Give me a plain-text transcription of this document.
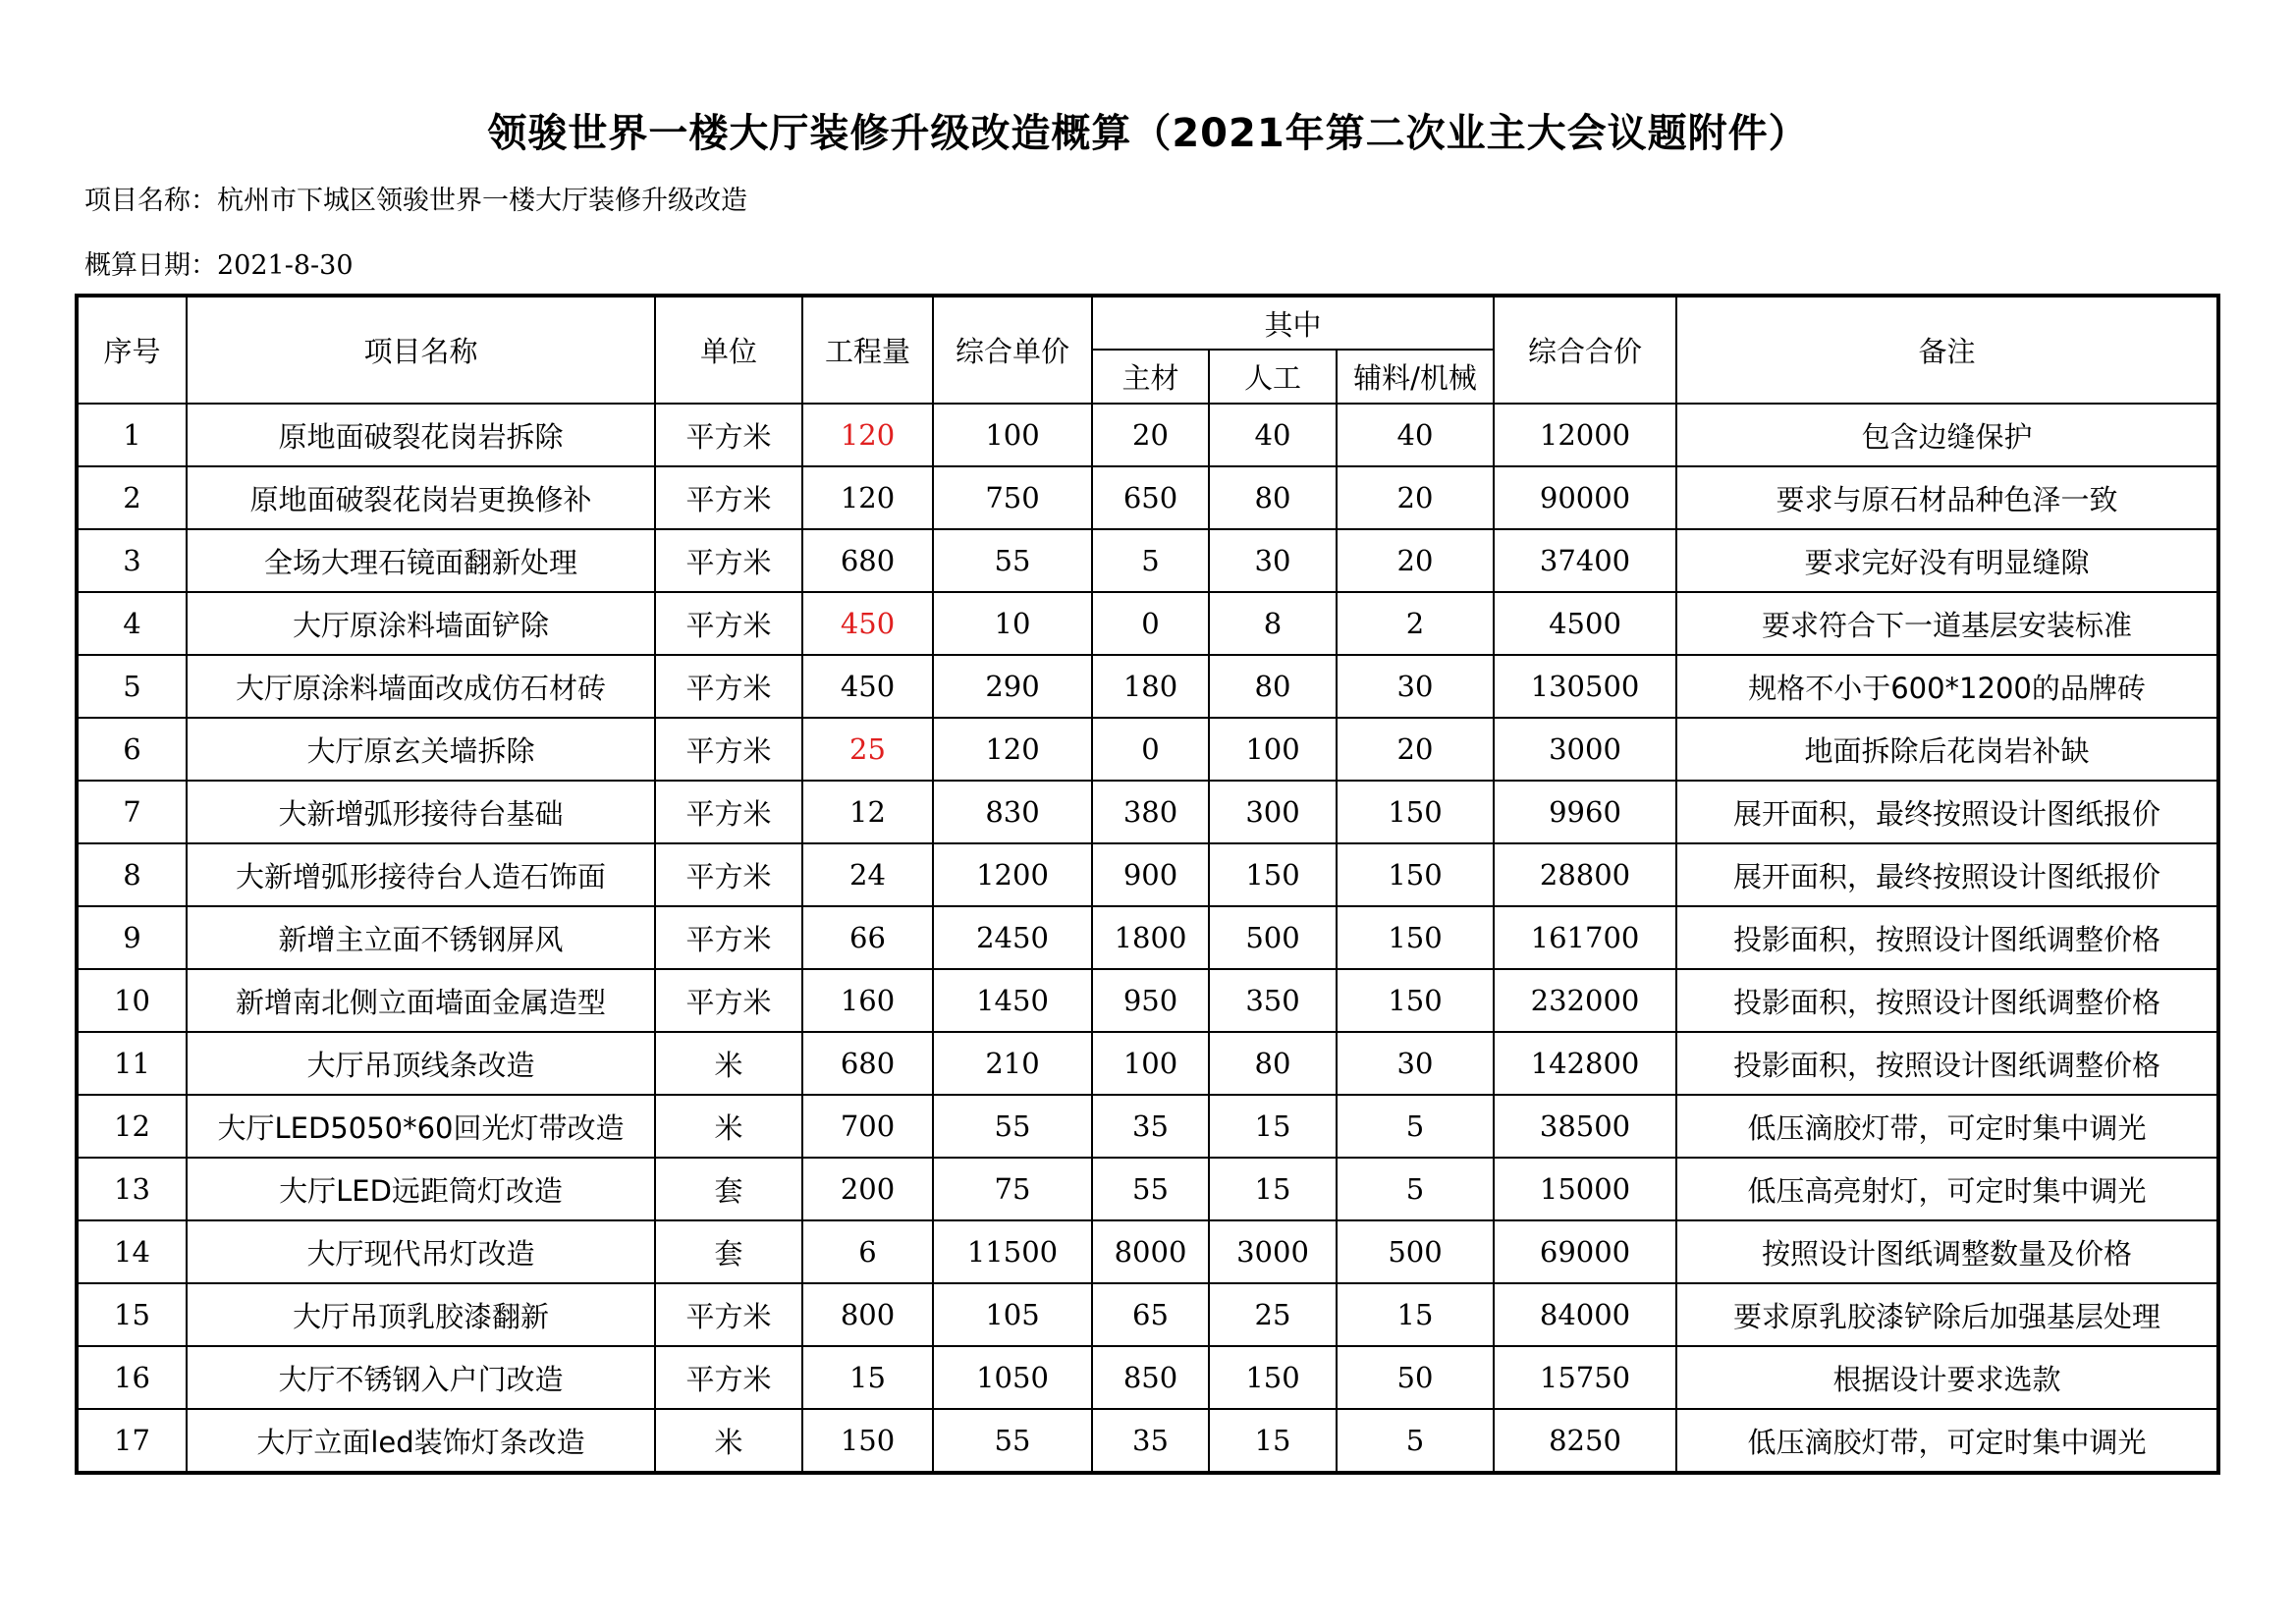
领骏世界一楼大厅装修升级改造概算（2021年第二次业主大会议题附件）
项目名称：杭州市下城区领骏世界一楼大厅装修升级改造
概算日期：2021-8-30
序号	项目名称	单位	工程量	综合单价	其中			综合合价	备注
					主材	人工	辅料/机械		
1	原地面破裂花岗岩拆除	平方米	120	100	20	40	40	12000	包含边缝保护
2	原地面破裂花岗岩更换修补	平方米	120	750	650	80	20	90000	要求与原石材品种色泽一致
3	全场大理石镜面翻新处理	平方米	680	55	5	30	20	37400	要求完好没有明显缝隙
4	大厅原涂料墙面铲除	平方米	450	10	0	8	2	4500	要求符合下一道基层安装标准
5	大厅原涂料墙面改成仿石材砖	平方米	450	290	180	80	30	130500	规格不小于600*1200的品牌砖
6	大厅原玄关墙拆除	平方米	25	120	0	100	20	3000	地面拆除后花岗岩补缺
7	大新增弧形接待台基础	平方米	12	830	380	300	150	9960	展开面积，最终按照设计图纸报价
8	大新增弧形接待台人造石饰面	平方米	24	1200	900	150	150	28800	展开面积，最终按照设计图纸报价
9	新增主立面不锈钢屏风	平方米	66	2450	1800	500	150	161700	投影面积，按照设计图纸调整价格
10	新增南北侧立面墙面金属造型	平方米	160	1450	950	350	150	232000	投影面积，按照设计图纸调整价格
11	大厅吊顶线条改造	米	680	210	100	80	30	142800	投影面积，按照设计图纸调整价格
12	大厅LED5050*60回光灯带改造	米	700	55	35	15	5	38500	低压滴胶灯带，可定时集中调光
13	大厅LED远距筒灯改造	套	200	75	55	15	5	15000	低压高亮射灯，可定时集中调光
14	大厅现代吊灯改造	套	6	11500	8000	3000	500	69000	按照设计图纸调整数量及价格
15	大厅吊顶乳胶漆翻新	平方米	800	105	65	25	15	84000	要求原乳胶漆铲除后加强基层处理
16	大厅不锈钢入户门改造	平方米	15	1050	850	150	50	15750	根据设计要求选款
17	大厅立面led装饰灯条改造	米	150	55	35	15	5	8250	低压滴胶灯带，可定时集中调光
